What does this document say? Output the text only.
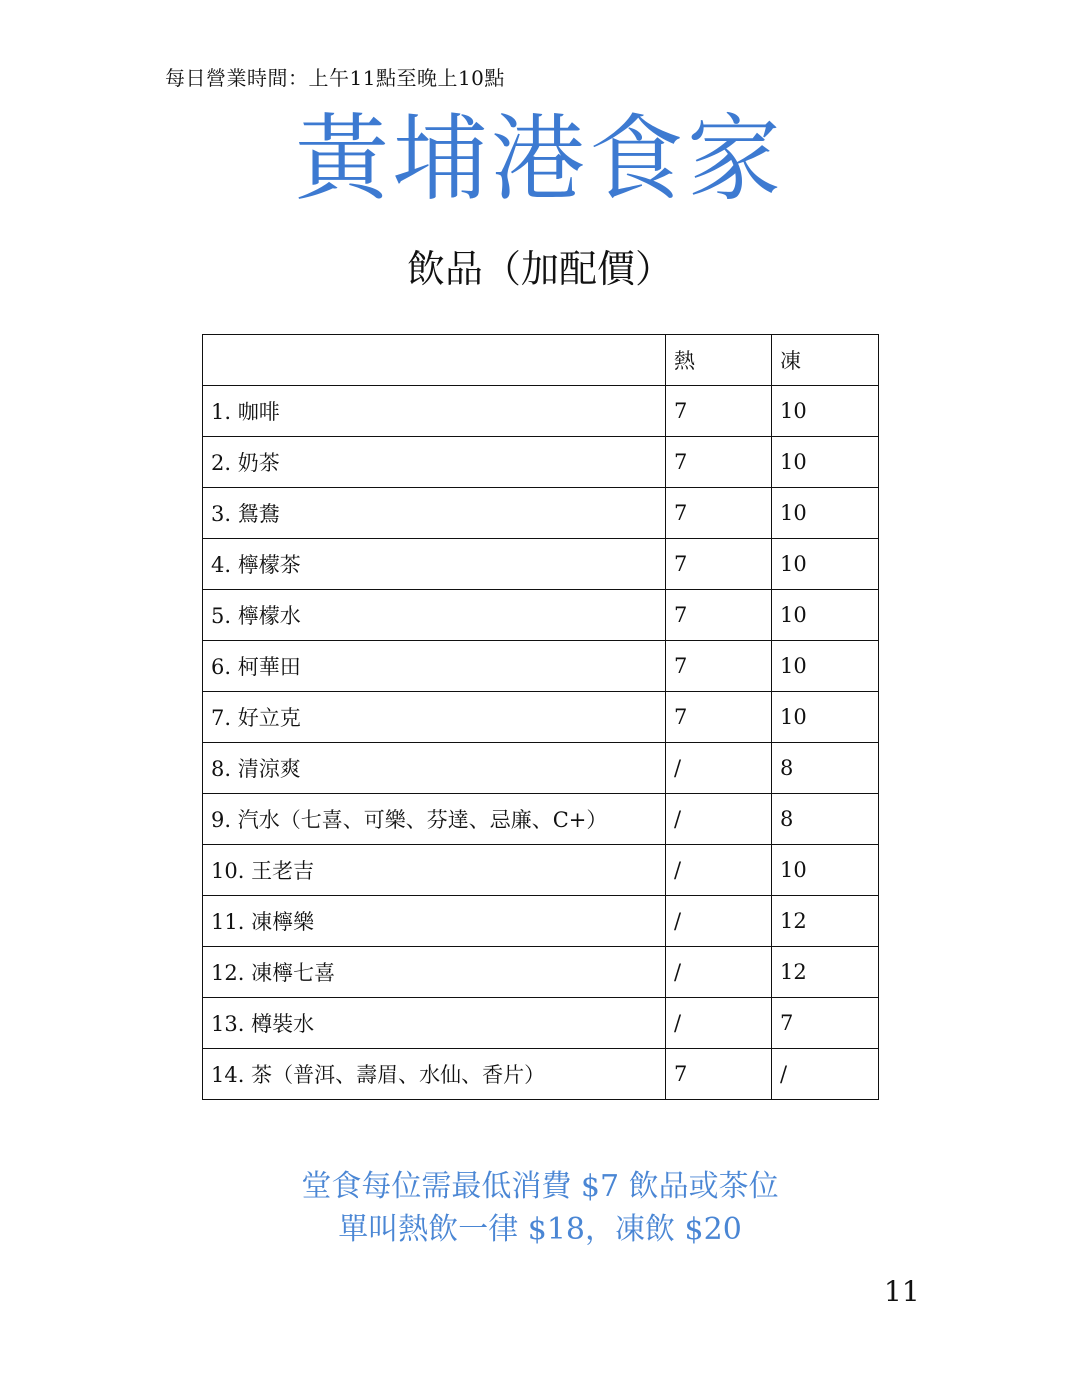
每日營業時間：上午11點至晚上10點
黃埔港食家
飲品（加配價）
	熱	凍
1. 咖啡	7	10
2. 奶茶	7	10
3. 鴛鴦	7	10
4. 檸檬茶	7	10
5. 檸檬水	7	10
6. 柯華田	7	10
7. 好立克	7	10
8. 清涼爽	/	8
9. 汽水（七喜、可樂、芬達、忌廉、C+）	/	8
10. 王老吉	/	10
11. 凍檸樂	/	12
12. 凍檸七喜	/	12
13. 樽裝水	/	7
14. 茶（普洱、壽眉、水仙、香片）	7	/
堂食每位需最低消費 $7 飲品或茶位
單叫熱飲一律 $18，凍飲 $20
11
